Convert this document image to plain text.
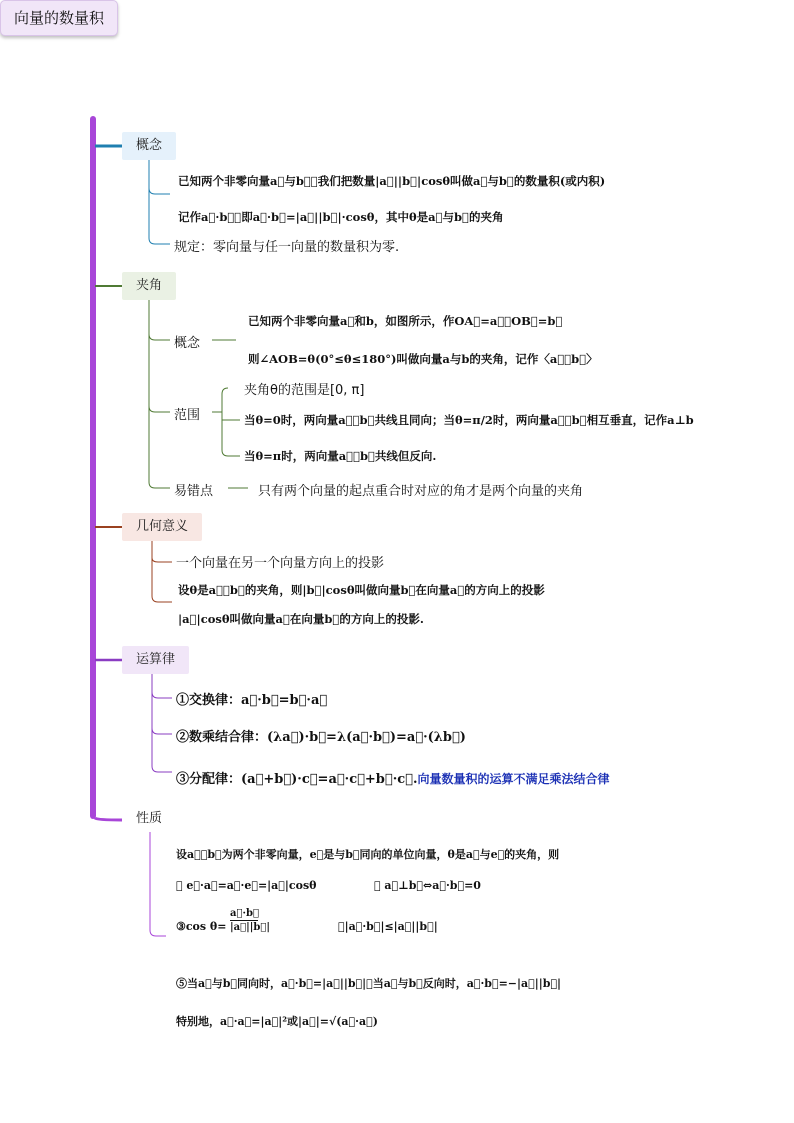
向量的数量积
概念
夹角
几何意义
运算律
性质
已知两个非零向量a⃗与b⃗，我们把数量|a⃗||b⃗|cosθ叫做a⃗与b⃗的数量积(或内积)
记作a⃗·b⃗，即a⃗·b⃗=|a⃗||b⃗|·cosθ，其中θ是a⃗与b⃗的夹角
规定：零向量与任一向量的数量积为零.
概念
已知两个非零向量a⃗和b，如图所示，作OA⃗=a⃗，OB⃗=b⃗
则∠AOB=θ(0°≤θ≤180°)叫做向量a与b的夹角，记作〈a⃗，b⃗〉
范围
夹角θ的范围是[0, π]
当θ=0时，两向量a⃗，b⃗共线且同向；当θ=π/2时，两向量a⃗，b⃗相互垂直，记作a⊥b
当θ=π时，两向量a⃗，b⃗共线但反向.
易错点	只有两个向量的起点重合时对应的角才是两个向量的夹角
一个向量在另一个向量方向上的投影
设θ是a⃗，b⃗的夹角，则|b⃗|cosθ叫做向量b⃗在向量a⃗的方向上的投影
|a⃗|cosθ叫做向量a⃗在向量b⃗的方向上的投影.
①交换律：a⃗·b⃗=b⃗·a⃗
②数乘结合律：(λa⃗)·b⃗=λ(a⃗·b⃗)=a⃗·(λb⃗)
③分配律：(a⃗+b⃗)·c⃗=a⃗·c⃗+b⃗·c⃗.向量数量积的运算不满足乘法结合律
设a⃗，b⃗为两个非零向量，e⃗是与b⃗同向的单位向量，θ是a⃗与e⃗的夹角，则
① e⃗·a⃗=a⃗·e⃗=|a⃗|cosθ	② a⃗⊥b⃗⇔a⃗·b⃗=0
③cos θ=
a⃗·b⃗
|a⃗||b⃗|	④|a⃗·b⃗|≤|a⃗||b⃗|
⑤当a⃗与b⃗同向时，a⃗·b⃗=|a⃗||b⃗|；当a⃗与b⃗反向时，a⃗·b⃗=−|a⃗||b⃗|
特别地，a⃗·a⃗=|a⃗|²或|a⃗|=√(a⃗·a⃗)
